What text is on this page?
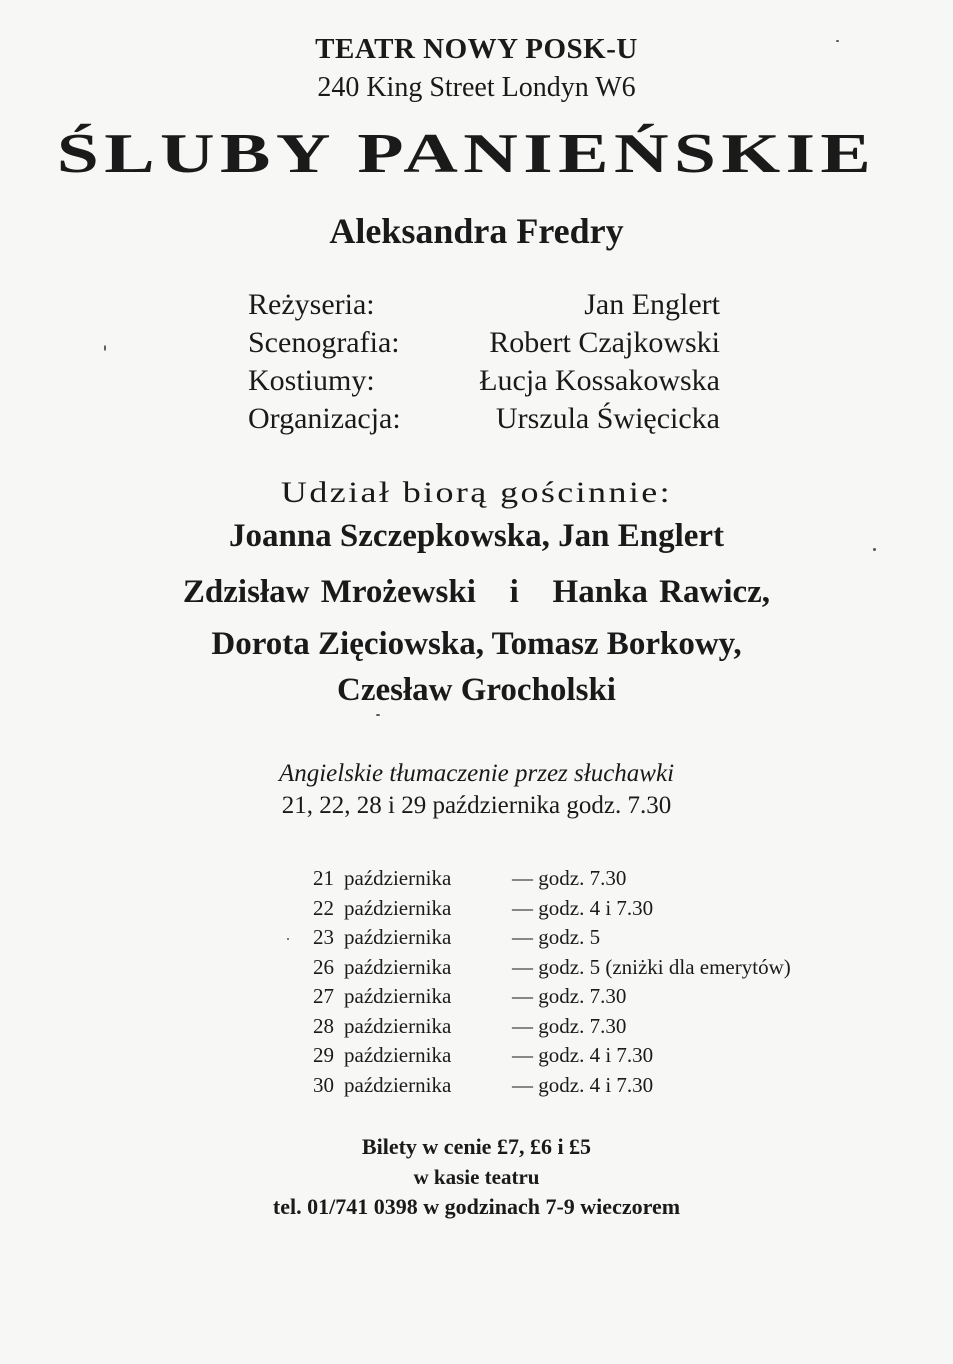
TEATR NOWY POSK-U
240 King Street Londyn W6
ŚLUBY PANIEŃSKIE
Aleksandra Fredry
Reżyseria:	Jan Englert
Scenografia:	Robert Czajkowski
Kostiumy:	Łucja Kossakowska
Organizacja:	Urszula Święcicka
Udział biorą gościnnie:
Joanna Szczepkowska, Jan Englert
Zdzisław Mrożewski   i   Hanka Rawicz,
Dorota Zięciowska, Tomasz Borkowy,
Czesław Grocholski
Angielskie tłumaczenie przez słuchawki
21, 22, 28 i 29 października godz. 7.30
21 października	— godz. 7.30
22 października	— godz. 4 i 7.30
23 października	— godz. 5
26 października	— godz. 5 (zniżki dla emerytów)
27 października	— godz. 7.30
28 października	— godz. 7.30
29 października	— godz. 4 i 7.30
30 października	— godz. 4 i 7.30
Bilety w cenie £7, £6 i £5
w kasie teatru
tel. 01/741 0398 w godzinach 7-9 wieczorem
